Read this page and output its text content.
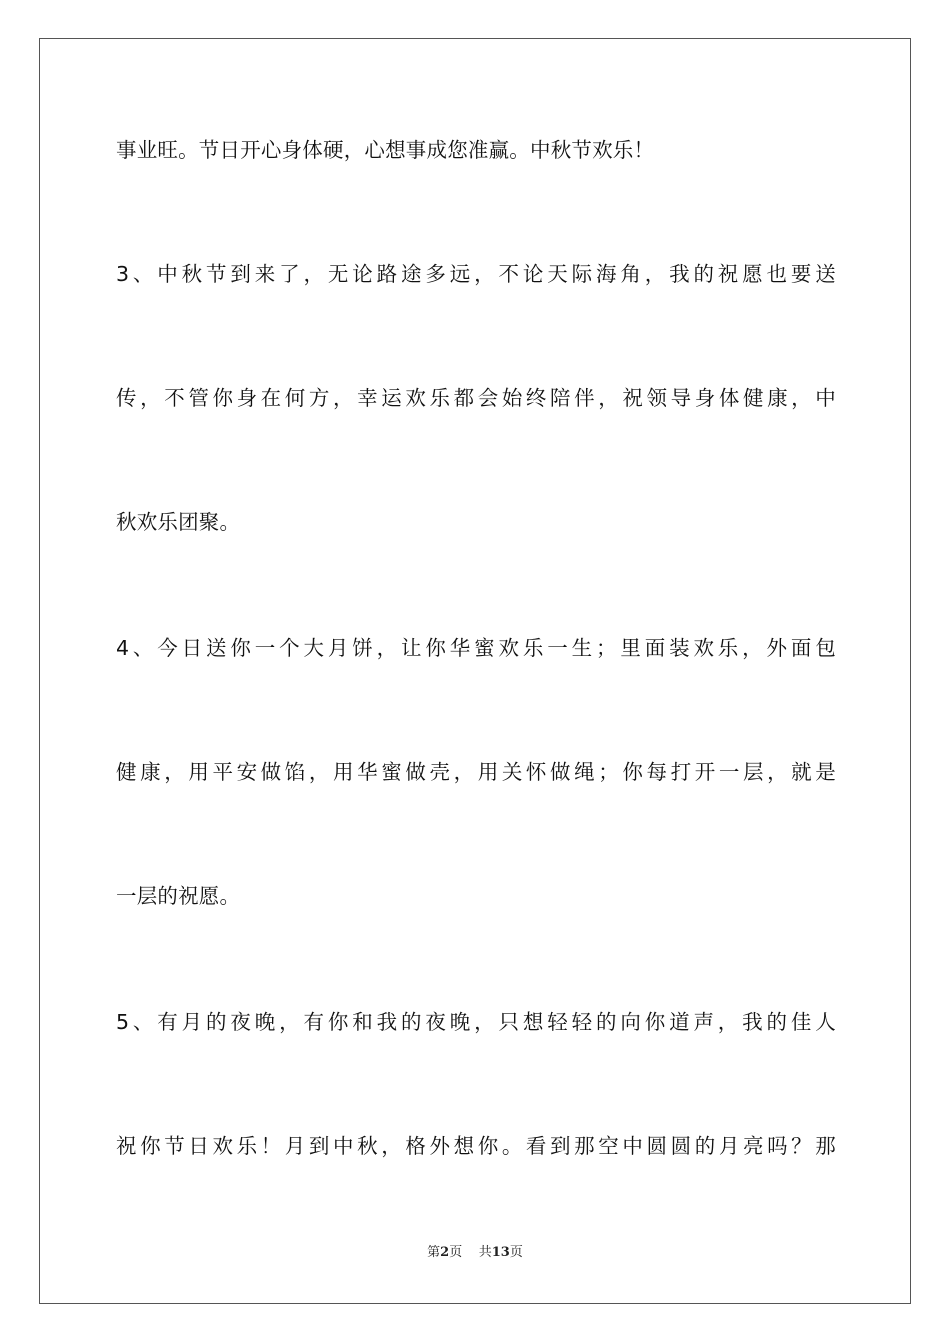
事业旺。节日开心身体硬，心想事成您准赢。中秋节欢乐！
3、中秋节到来了，无论路途多远，不论天际海角，我的祝愿也要送
传，不管你身在何方，幸运欢乐都会始终陪伴，祝领导身体健康，中
秋欢乐团聚。
4、今日送你一个大月饼，让你华蜜欢乐一生；里面装欢乐，外面包
健康，用平安做馅，用华蜜做壳，用关怀做绳；你每打开一层，就是
一层的祝愿。
5、有月的夜晚，有你和我的夜晚，只想轻轻的向你道声，我的佳人
祝你节日欢乐！月到中秋，格外想你。看到那空中圆圆的月亮吗？那
第2页 共13页
